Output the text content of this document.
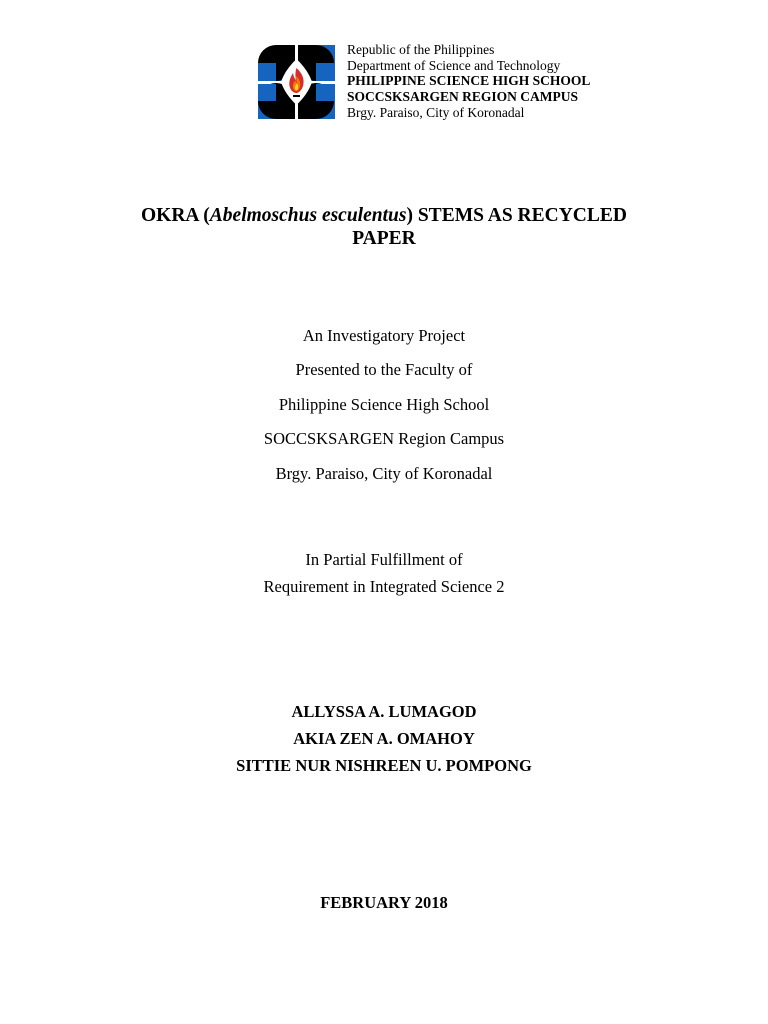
Republic of the Philippines
Department of Science and Technology
PHILIPPINE SCIENCE HIGH SCHOOL
SOCCSKSARGEN REGION CAMPUS
Brgy. Paraiso, City of Koronadal
OKRA (Abelmoschus esculentus) STEMS AS RECYCLED
PAPER
An Investigatory Project
Presented to the Faculty of
Philippine Science High School
SOCCSKSARGEN Region Campus
Brgy. Paraiso, City of Koronadal
In Partial Fulfillment of
Requirement in Integrated Science 2
ALLYSSA A. LUMAGOD
AKIA ZEN A. OMAHOY
SITTIE NUR NISHREEN U. POMPONG
FEBRUARY 2018
